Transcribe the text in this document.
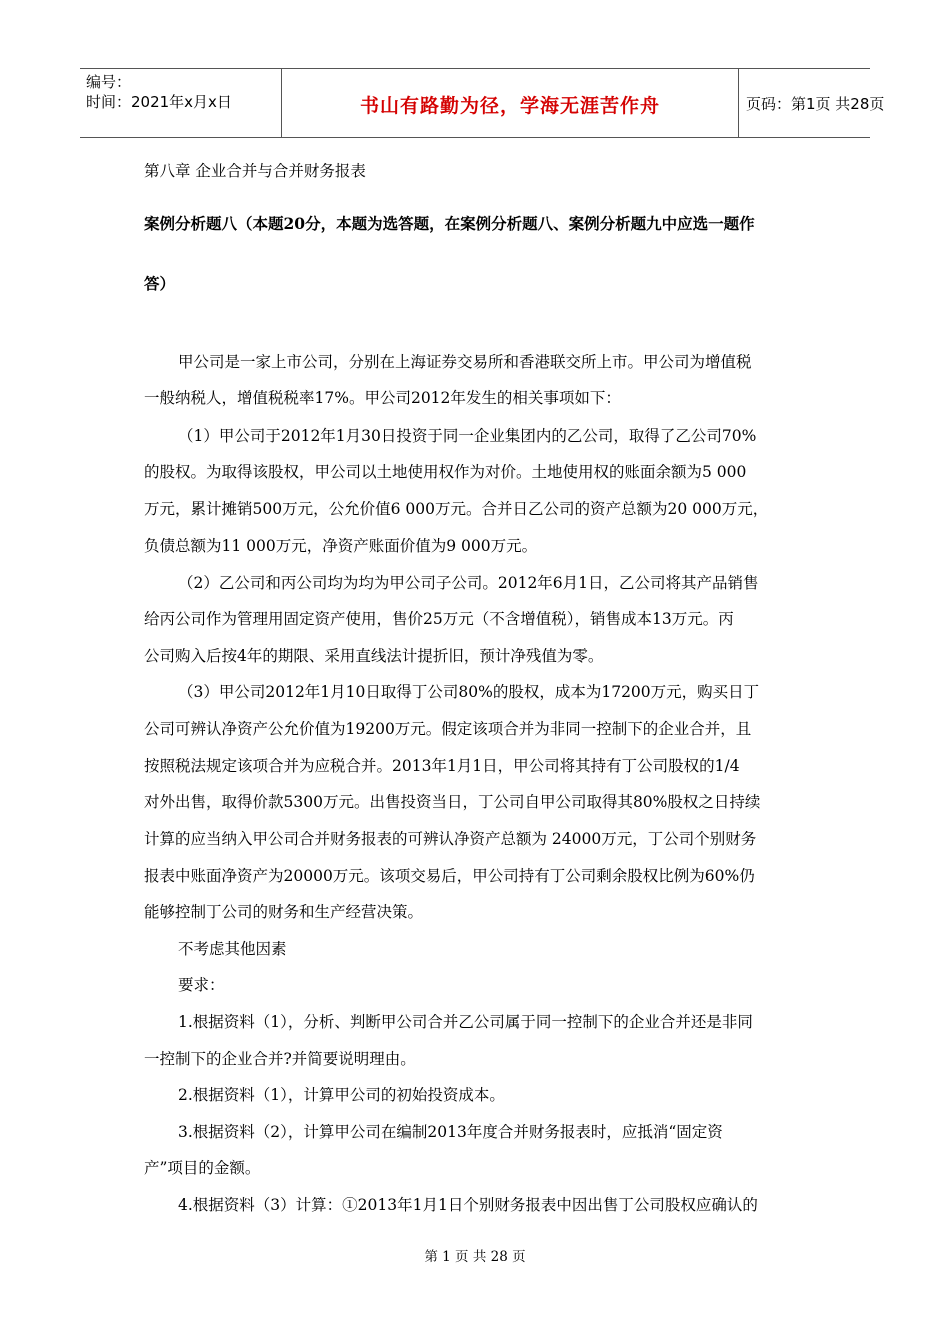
编号：
时间：2021年x月x日	书山有路勤为径，学海无涯苦作舟	页码：第1页 共28页
第八章 企业合并与合并财务报表
案例分析题八（本题20分，本题为选答题，在案例分析题八、案例分析题九中应选一题作
答）
甲公司是一家上市公司，分别在上海证券交易所和香港联交所上市。甲公司为增值税
一般纳税人，增值税税率17%。甲公司2012年发生的相关事项如下：
（1）甲公司于2012年1月30日投资于同一企业集团内的乙公司，取得了乙公司70%
的股权。为取得该股权，甲公司以土地使用权作为对价。土地使用权的账面余额为5 000
万元，累计摊销500万元，公允价值6 000万元。合并日乙公司的资产总额为20 000万元，
负债总额为11 000万元，净资产账面价值为9 000万元。
（2）乙公司和丙公司均为均为甲公司子公司。2012年6月1日，乙公司将其产品销售
给丙公司作为管理用固定资产使用，售价25万元（不含增值税），销售成本13万元。丙
公司购入后按4年的期限、采用直线法计提折旧，预计净残值为零。
（3）甲公司2012年1月10日取得丁公司80%的股权，成本为17200万元，购买日丁
公司可辨认净资产公允价值为19200万元。假定该项合并为非同一控制下的企业合并，且
按照税法规定该项合并为应税合并。2013年1月1日，甲公司将其持有丁公司股权的1/4
对外出售，取得价款5300万元。出售投资当日，丁公司自甲公司取得其80%股权之日持续
计算的应当纳入甲公司合并财务报表的可辨认净资产总额为 24000万元，丁公司个别财务
报表中账面净资产为20000万元。该项交易后，甲公司持有丁公司剩余股权比例为60%仍
能够控制丁公司的财务和生产经营决策。
不考虑其他因素
要求：
1.根据资料（1），分析、判断甲公司合并乙公司属于同一控制下的企业合并还是非同
一控制下的企业合并?并简要说明理由。
2.根据资料（1），计算甲公司的初始投资成本。
3.根据资料（2），计算甲公司在编制2013年度合并财务报表时，应抵消“固定资
产”项目的金额。
4.根据资料（3）计算：①2013年1月1日个别财务报表中因出售丁公司股权应确认的
第 1 页 共 28 页
